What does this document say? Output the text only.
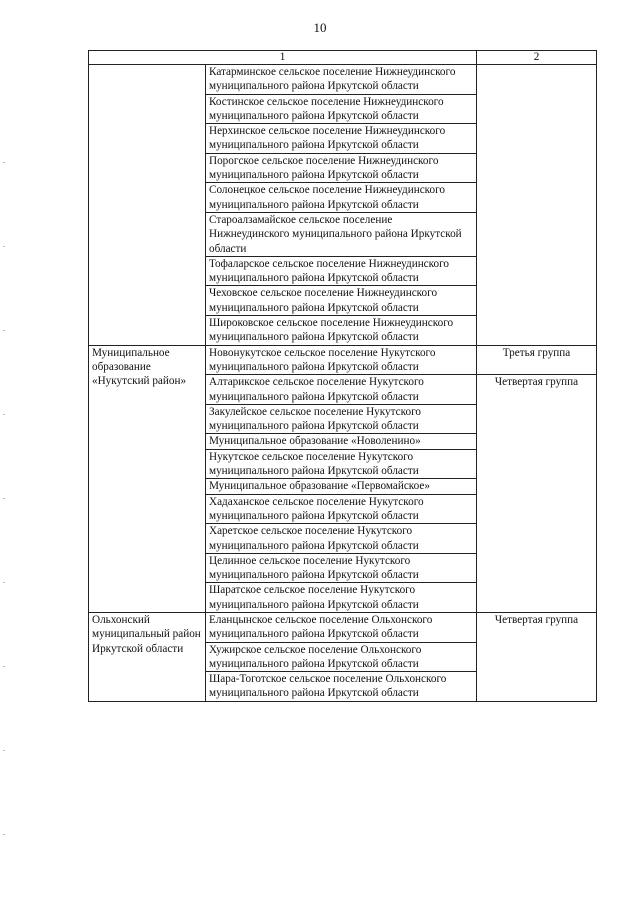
10
1		2
	Катарминское сельское поселение Нижнеудинского муниципального района Иркутской области	
	Костинское сельское поселение Нижнеудинского муниципального района Иркутской области	
	Нерхинское сельское поселение Нижнеудинского муниципального района Иркутской области	
	Порогское сельское поселение Нижнеудинского муниципального района Иркутской области	
	Солонецкое сельское поселение Нижнеудинского муниципального района Иркутской области	
	Староалзамайское сельское поселение Нижнеудинского муниципального района Иркутской области	
	Тофаларское сельское поселение Нижнеудинского муниципального района Иркутской области	
	Чеховское сельское поселение Нижнеудинского муниципального района Иркутской области	
	Широковское сельское поселение Нижнеудинского муниципального района Иркутской области	
Муниципальное образование «Нукутский район»	Новонукутское сельское поселение Нукутского муниципального района Иркутской области	Третья группа
	Алтарикское сельское поселение Нукутского муниципального района Иркутской области	Четвертая группа
	Закулейское сельское поселение Нукутского муниципального района Иркутской области	
	Муниципальное образование «Новоленино»	
	Нукутское сельское поселение Нукутского муниципального района Иркутской области	
	Муниципальное образование «Первомайское»	
	Хадаханское сельское поселение Нукутского муниципального района Иркутской области	
	Харетское сельское поселение Нукутского муниципального района Иркутской области	
	Целинное сельское поселение Нукутского муниципального района Иркутской области	
	Шаратское сельское поселение Нукутского муниципального района Иркутской области	
Ольхонский муниципальный район Иркутской области	Еланцынское сельское поселение Ольхонского муниципального района Иркутской области	Четвертая группа
	Хужирское сельское поселение Ольхонского муниципального района Иркутской области	
	Шара-Тоготское сельское поселение Ольхонского муниципального района Иркутской области	
